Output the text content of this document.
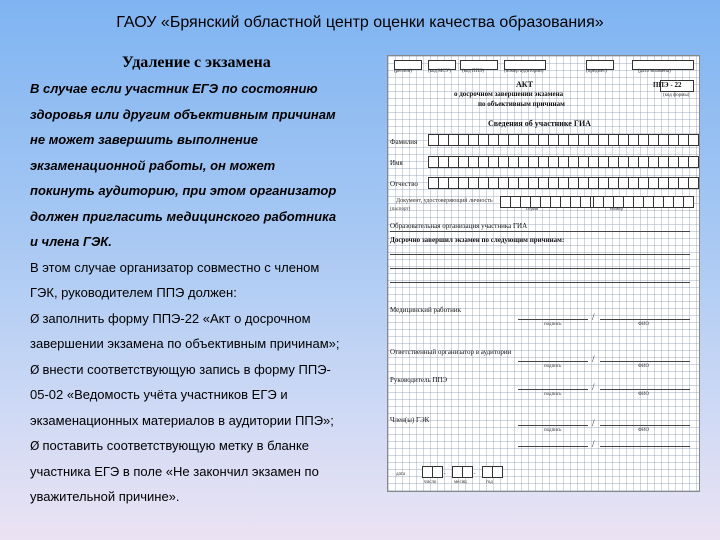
ГАОУ «Брянский областной центр оценки качества образования»
Удаление с экзамена
В случае если участник ЕГЭ по состоянию
здоровья или другим объективным причинам
не может завершить выполнение
экзаменационной работы, он может
покинуть аудиторию, при этом организатор
должен пригласить медицинского работника
и члена ГЭК.
В этом случае организатор совместно с членом
ГЭК, руководителем ППЭ должен:
Ø заполнить форму ППЭ-22 «Акт о досрочном
завершении экзамена по объективным причинам»;
Ø внести соответствующую запись в форму ППЭ-
05-02 «Ведомость учёта участников ЕГЭ и
экзаменационных материалов в аудитории ППЭ»;
Ø поставить соответствующую метку в бланке
участника ЕГЭ в поле «Не закончил экзамен по
уважительной причине».
(регион)	(код МСУ) (код ППЭ)	(номер аудитории)	(предмет)	(дата экзамена)
АКТ	ППЭ - 22
(код формы)
о досрочном завершении экзамена
по объективным причинам
Сведения об участнике ГИА
Фамилия
Имя
Отчество
Документ, удостоверяющий личность
(паспорт)	серия	номер
Образовательная организация участника ГИА
Досрочно завершил экзамен по следующим причинам:
Медицинский работник
/
подпись	ФИО
Ответственный организатор в аудитории
/
подпись	ФИО
Руководитель ППЭ
/
подпись	ФИО
Член(ы) ГЭК	/
подпись	ФИО
/
дата	.	.
число	месяц	год
